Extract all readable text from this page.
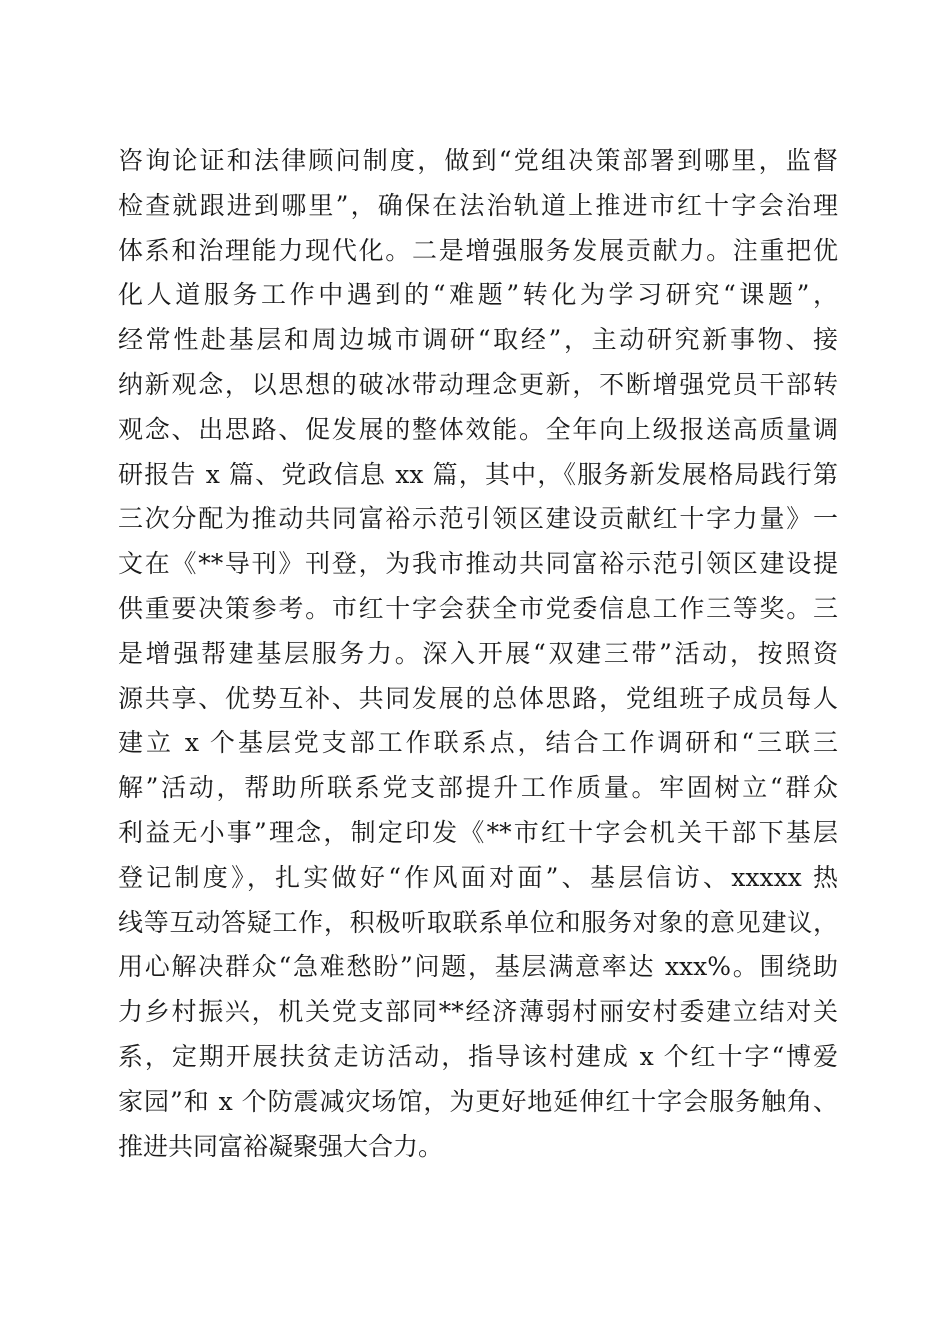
咨询论证和法律顾问制度，做到“党组决策部署到哪里，监督
检查就跟进到哪里”，确保在法治轨道上推进市红十字会治理
体系和治理能力现代化。二是增强服务发展贡献力。注重把优
化人道服务工作中遇到的“难题”转化为学习研究“课题”，
经常性赴基层和周边城市调研“取经”，主动研究新事物、接
纳新观念，以思想的破冰带动理念更新，不断增强党员干部转
观念、出思路、促发展的整体效能。全年向上级报送高质量调
研报告 x 篇、党政信息 xx 篇，其中，《服务新发展格局践行第
三次分配为推动共同富裕示范引领区建设贡献红十字力量》一
文在《**导刊》刊登，为我市推动共同富裕示范引领区建设提
供重要决策参考。市红十字会获全市党委信息工作三等奖。三
是增强帮建基层服务力。深入开展“双建三带”活动，按照资
源共享、优势互补、共同发展的总体思路，党组班子成员每人
建立 x 个基层党支部工作联系点，结合工作调研和“三联三
解”活动，帮助所联系党支部提升工作质量。牢固树立“群众
利益无小事”理念，制定印发《**市红十字会机关干部下基层
登记制度》，扎实做好“作风面对面”、基层信访、xxxxx 热
线等互动答疑工作，积极听取联系单位和服务对象的意见建议，
用心解决群众“急难愁盼”问题，基层满意率达 xxx%。围绕助
力乡村振兴，机关党支部同**经济薄弱村丽安村委建立结对关
系，定期开展扶贫走访活动，指导该村建成 x 个红十字“博爱
家园”和 x 个防震减灾场馆，为更好地延伸红十字会服务触角、
推进共同富裕凝聚强大合力。
